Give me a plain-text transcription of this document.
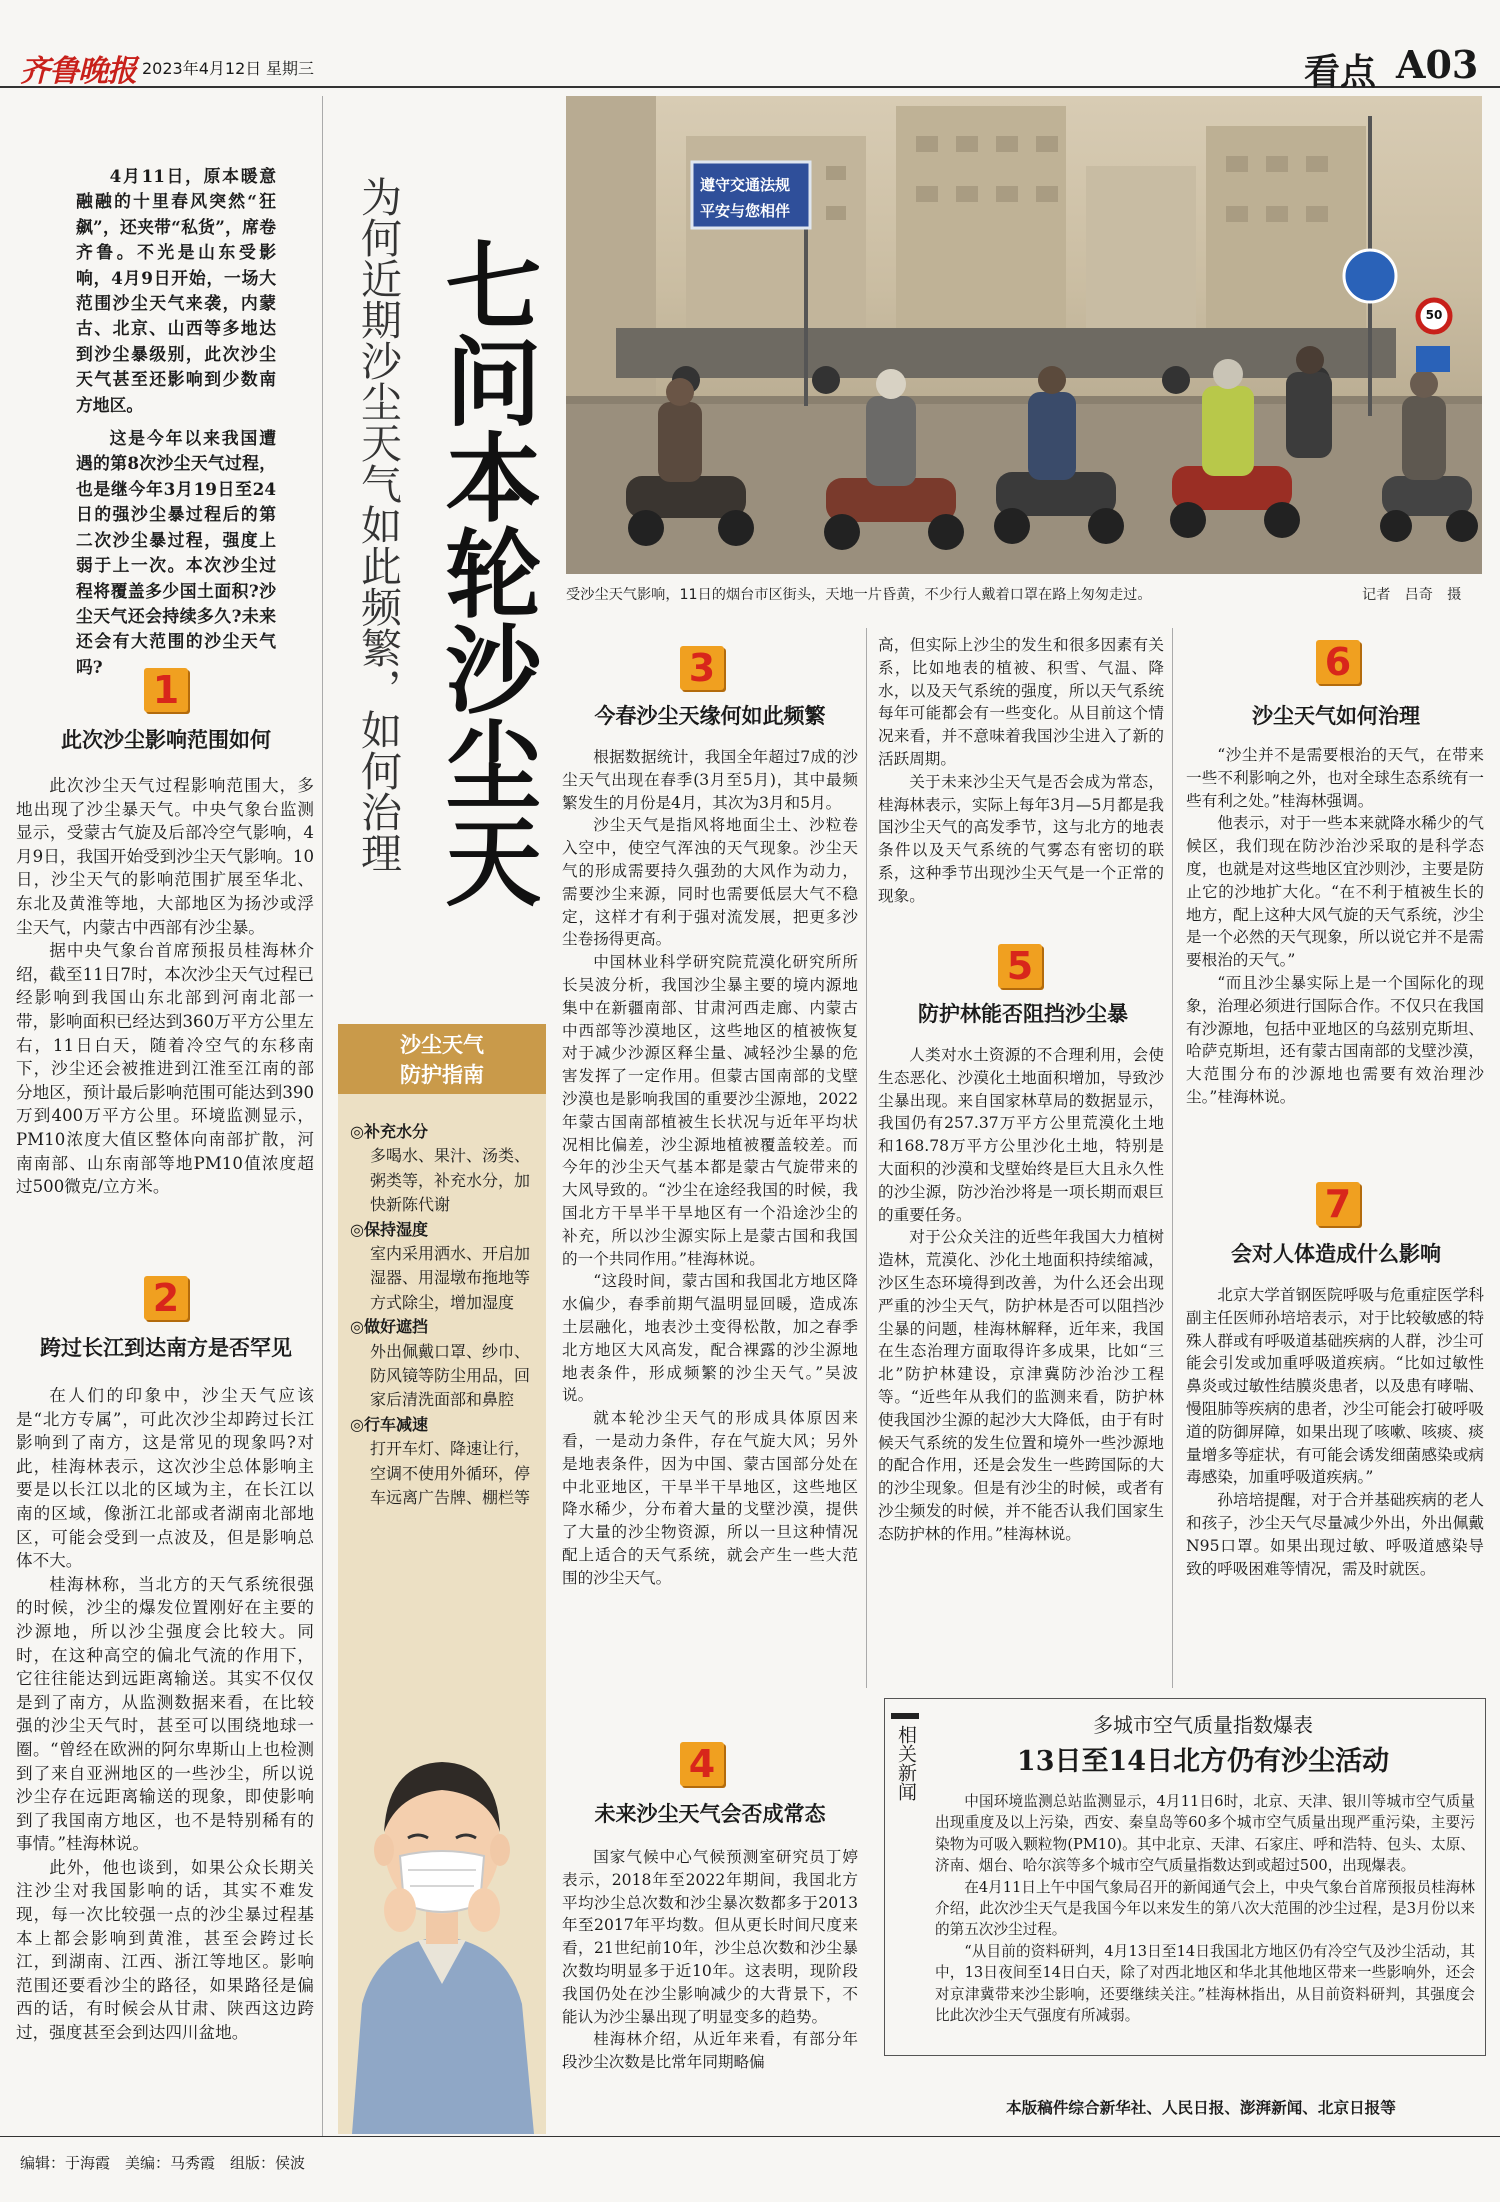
齐鲁晚报 2023年4月12日 星期三	看点 A03

4月11日，原本暖意融融的十里春风突然“狂飙”，还夹带“私货”，席卷齐鲁。不光是山东受影响，4月9日开始，一场大范围沙尘天气来袭，内蒙古、北京、山西等多地达到沙尘暴级别，此次沙尘天气甚至还影响到少数南方地区。

这是今年以来我国遭遇的第8次沙尘天气过程，也是继今年3月19日至24日的强沙尘暴过程后的第二次沙尘暴过程，强度上弱于上一次。本次沙尘过程将覆盖多少国土面积?沙尘天气还会持续多久?未来还会有大范围的沙尘天气吗?	为何近期沙尘天气如此频繁，如何治理 七问本轮沙尘天
遵守交通法规
平安与您相伴
50
受沙尘天气影响，11日的烟台市区街头，天地一片昏黄，不少行人戴着口罩在路上匆匆走过。	记者　吕奇　摄
1
此次沙尘影响范围如何

此次沙尘天气过程影响范围大，多地出现了沙尘暴天气。中央气象台监测显示，受蒙古气旋及后部冷空气影响，4月9日，我国开始受到沙尘天气影响。10日，沙尘天气的影响范围扩展至华北、东北及黄淮等地，大部地区为扬沙或浮尘天气，内蒙古中西部有沙尘暴。

据中央气象台首席预报员桂海林介绍，截至11日7时，本次沙尘天气过程已经影响到我国山东北部到河南北部一带，影响面积已经达到360万平方公里左右，11日白天，随着冷空气的东移南下，沙尘还会被推进到江淮至江南的部分地区，预计最后影响范围可能达到390万到400万平方公里。环境监测显示，PM10浓度大值区整体向南部扩散，河南南部、山东南部等地PM10值浓度超过500微克/立方米。

2
跨过长江到达南方是否罕见

在人们的印象中，沙尘天气应该是“北方专属”，可此次沙尘却跨过长江影响到了南方，这是常见的现象吗?对此，桂海林表示，这次沙尘总体影响主要是以长江以北的区域为主，在长江以南的区域，像浙江北部或者湖南北部地区，可能会受到一点波及，但是影响总体不大。

桂海林称，当北方的天气系统很强的时候，沙尘的爆发位置刚好在主要的沙源地，所以沙尘强度会比较大。同时，在这种高空的偏北气流的作用下，它往往能达到远距离输送。其实不仅仅是到了南方，从监测数据来看，在比较强的沙尘天气时，甚至可以围绕地球一圈。“曾经在欧洲的阿尔卑斯山上也检测到了来自亚洲地区的一些沙尘，所以说沙尘存在远距离输送的现象，即使影响到了我国南方地区，也不是特别稀有的事情。”桂海林说。

此外，他也谈到，如果公众长期关注沙尘对我国影响的话，其实不难发现，每一次比较强一点的沙尘暴过程基本上都会影响到黄淮，甚至会跨过长江，到湖南、江西、浙江等地区。影响范围还要看沙尘的路径，如果路径是偏西的话，有时候会从甘肃、陕西这边跨过，强度甚至会到达四川盆地。

沙尘天气
防护指南
◎补充水分
多喝水、果汁、汤类、粥类等，补充水分，加快新陈代谢
◎保持湿度
室内采用洒水、开启加湿器、用湿墩布拖地等方式除尘，增加湿度
◎做好遮挡
外出佩戴口罩、纱巾、防风镜等防尘用品，回家后清洗面部和鼻腔
◎行车减速
打开车灯、降速让行，空调不使用外循环，停车远离广告牌、棚栏等
3
今春沙尘天缘何如此频繁

根据数据统计，我国全年超过7成的沙尘天气出现在春季(3月至5月)，其中最频繁发生的月份是4月，其次为3月和5月。

沙尘天气是指风将地面尘土、沙粒卷入空中，使空气浑浊的天气现象。沙尘天气的形成需要持久强劲的大风作为动力，需要沙尘来源，同时也需要低层大气不稳定，这样才有利于强对流发展，把更多沙尘卷扬得更高。

中国林业科学研究院荒漠化研究所所长吴波分析，我国沙尘暴主要的境内源地集中在新疆南部、甘肃河西走廊、内蒙古中西部等沙漠地区，这些地区的植被恢复对于减少沙源区释尘量、减轻沙尘暴的危害发挥了一定作用。但蒙古国南部的戈壁沙漠也是影响我国的重要沙尘源地，2022年蒙古国南部植被生长状况与近年平均状况相比偏差，沙尘源地植被覆盖较差。而今年的沙尘天气基本都是蒙古气旋带来的大风导致的。“沙尘在途经我国的时候，我国北方干旱半干旱地区有一个沿途沙尘的补充，所以沙尘源实际上是蒙古国和我国的一个共同作用。”桂海林说。

“这段时间，蒙古国和我国北方地区降水偏少，春季前期气温明显回暖，造成冻土层融化，地表沙土变得松散，加之春季北方地区大风高发，配合裸露的沙尘源地地表条件，形成频繁的沙尘天气。”吴波说。

就本轮沙尘天气的形成具体原因来看，一是动力条件，存在气旋大风；另外是地表条件，因为中国、蒙古国部分处在中北亚地区，干旱半干旱地区，这些地区降水稀少，分布着大量的戈壁沙漠，提供了大量的沙尘物资源，所以一旦这种情况配上适合的天气系统，就会产生一些大范围的沙尘天气。

4
未来沙尘天气会否成常态

国家气候中心气候预测室研究员丁婷表示，2018年至2022年期间，我国北方平均沙尘总次数和沙尘暴次数都多于2013年至2017年平均数。但从更长时间尺度来看，21世纪前10年，沙尘总次数和沙尘暴次数均明显多于近10年。这表明，现阶段我国仍处在沙尘影响减少的大背景下，不能认为沙尘暴出现了明显变多的趋势。

桂海林介绍，从近年来看，有部分年段沙尘次数是比常年同期略偏

高，但实际上沙尘的发生和很多因素有关系，比如地表的植被、积雪、气温、降水，以及天气系统的强度，所以天气系统每年可能都会有一些变化。从目前这个情况来看，并不意味着我国沙尘进入了新的活跃周期。

关于未来沙尘天气是否会成为常态，桂海林表示，实际上每年3月—5月都是我国沙尘天气的高发季节，这与北方的地表条件以及天气系统的气雾态有密切的联系，这种季节出现沙尘天气是一个正常的现象。

5
防护林能否阻挡沙尘暴

人类对水土资源的不合理利用，会使生态恶化、沙漠化土地面积增加，导致沙尘暴出现。来自国家林草局的数据显示，我国仍有257.37万平方公里荒漠化土地和168.78万平方公里沙化土地，特别是大面积的沙漠和戈壁始终是巨大且永久性的沙尘源，防沙治沙将是一项长期而艰巨的重要任务。

对于公众关注的近些年我国大力植树造林，荒漠化、沙化土地面积持续缩减，沙区生态环境得到改善，为什么还会出现严重的沙尘天气，防护林是否可以阻挡沙尘暴的问题，桂海林解释，近年来，我国在生态治理方面取得许多成果，比如“三北”防护林建设，京津冀防沙治沙工程等。“近些年从我们的监测来看，防护林使我国沙尘源的起沙大大降低，由于有时候天气系统的发生位置和境外一些沙源地的配合作用，还是会发生一些跨国际的大的沙尘现象。但是有沙尘的时候，或者有沙尘频发的时候，并不能否认我们国家生态防护林的作用。”桂海林说。

6
沙尘天气如何治理

“沙尘并不是需要根治的天气，在带来一些不利影响之外，也对全球生态系统有一些有利之处。”桂海林强调。

他表示，对于一些本来就降水稀少的气候区，我们现在防沙治沙采取的是科学态度，也就是对这些地区宜沙则沙，主要是防止它的沙地扩大化。“在不利于植被生长的地方，配上这种大风气旋的天气系统，沙尘是一个必然的天气现象，所以说它并不是需要根治的天气。”

“而且沙尘暴实际上是一个国际化的现象，治理必须进行国际合作。不仅只在我国有沙源地，包括中亚地区的乌兹别克斯坦、哈萨克斯坦，还有蒙古国南部的戈壁沙漠，大范围分布的沙源地也需要有效治理沙尘。”桂海林说。

7
会对人体造成什么影响

北京大学首钢医院呼吸与危重症医学科副主任医师孙培培表示，对于比较敏感的特殊人群或有呼吸道基础疾病的人群，沙尘可能会引发或加重呼吸道疾病。“比如过敏性鼻炎或过敏性结膜炎患者，以及患有哮喘、慢阻肺等疾病的患者，沙尘可能会打破呼吸道的防御屏障，如果出现了咳嗽、咳痰、痰量增多等症状，有可能会诱发细菌感染或病毒感染，加重呼吸道疾病。”

孙培培提醒，对于合并基础疾病的老人和孩子，沙尘天气尽量减少外出，外出佩戴N95口罩。如果出现过敏、呼吸道感染导致的呼吸困难等情况，需及时就医。

相关新闻	多城市空气质量指数爆表
13日至14日北方仍有沙尘活动

中国环境监测总站监测显示，4月11日6时，北京、天津、银川等城市空气质量出现重度及以上污染，西安、秦皇岛等60多个城市空气质量出现严重污染，主要污染物为可吸入颗粒物(PM10)。其中北京、天津、石家庄、呼和浩特、包头、太原、济南、烟台、哈尔滨等多个城市空气质量指数达到或超过500，出现爆表。

在4月11日上午中国气象局召开的新闻通气会上，中央气象台首席预报员桂海林介绍，此次沙尘天气是我国今年以来发生的第八次大范围的沙尘过程，是3月份以来的第五次沙尘过程。

“从目前的资料研判，4月13日至14日我国北方地区仍有冷空气及沙尘活动，其中，13日夜间至14日白天，除了对西北地区和华北其他地区带来一些影响外，还会对京津冀带来沙尘影响，还要继续关注。”桂海林指出，从目前资料研判，其强度会比此次沙尘天气强度有所减弱。

本版稿件综合新华社、人民日报、澎湃新闻、北京日报等
编辑：于海霞　美编：马秀霞　组版：侯波
